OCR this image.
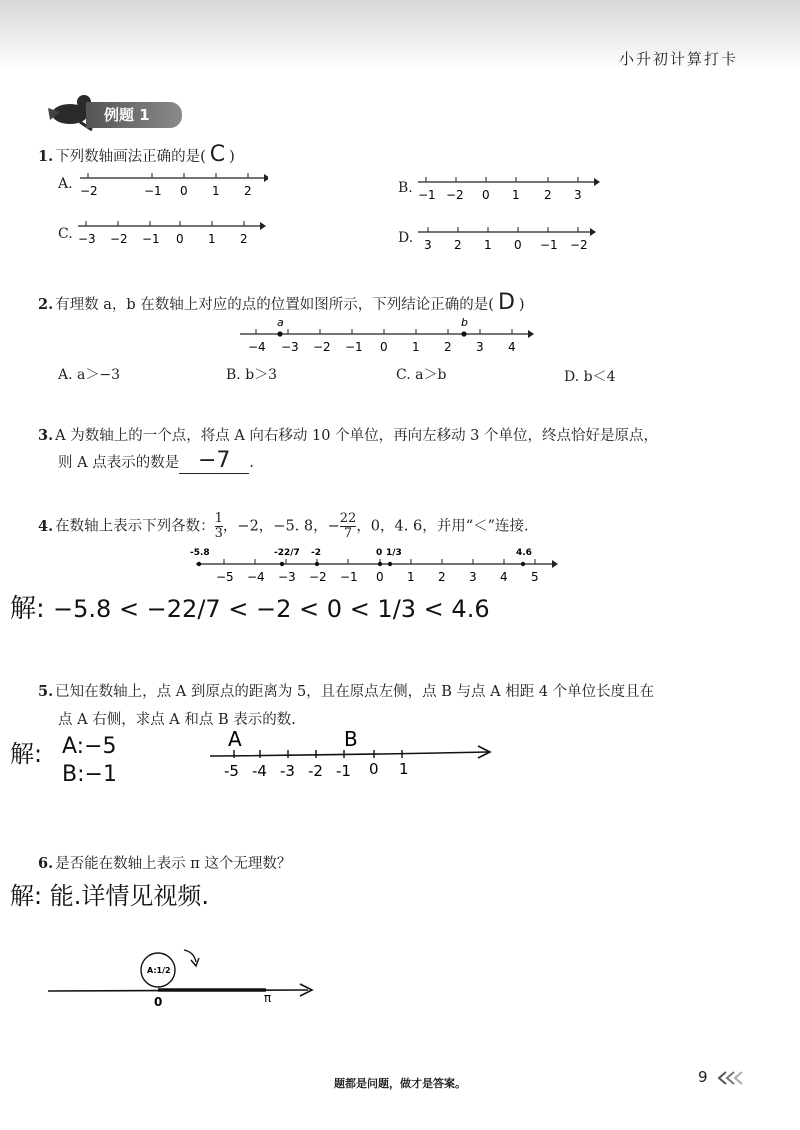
小升初计算打卡
例题 1
1. 下列数轴画法正确的是( C )
A. −2	−1 0 1 2	B. −1 −2 0 1 2 3
C. −3 −2 −1 0 1 2	D. 3 2 1 0 −1 −2
2. 有理数 a，b 在数轴上对应的点的位置如图所示，下列结论正确的是( D )
a	b
−4 −3 −2 −1 0 1 2 3 4
A. a＞−3	B. b＞3	C. a＞b	D. b＜4
3. A 为数轴上的一个点，将点 A 向右移动 10 个单位，再向左移动 3 个单位，终点恰好是原点，
则 A 点表示的数是 −7 .
4. 在数轴上表示下列各数： $\frac{1}{3}$ ，−2，−5. 8，− $\frac{22}{7}$ ，0，4. 6，并用“＜”连接.
-5.8	-22/7 -2	0 1/3	4.6
−5 −4 −3 −2 −1 0 1 2 3 4 5
解: −5.8 < −22/7 < −2 < 0 < 1/3 < 4.6
5. 已知在数轴上，点 A 到原点的距离为 5，且在原点左侧，点 B 与点 A 相距 4 个单位长度且在
点 A 右侧，求点 A 和点 B 表示的数.
解: A:−5
B:−1
A	B
-5 -4 -3 -2 -1 0 1
6. 是否能在数轴上表示 π 这个无理数？
解: 能.详情见视频.
A:1/2
0	π
题都是问题，做才是答案。	9
